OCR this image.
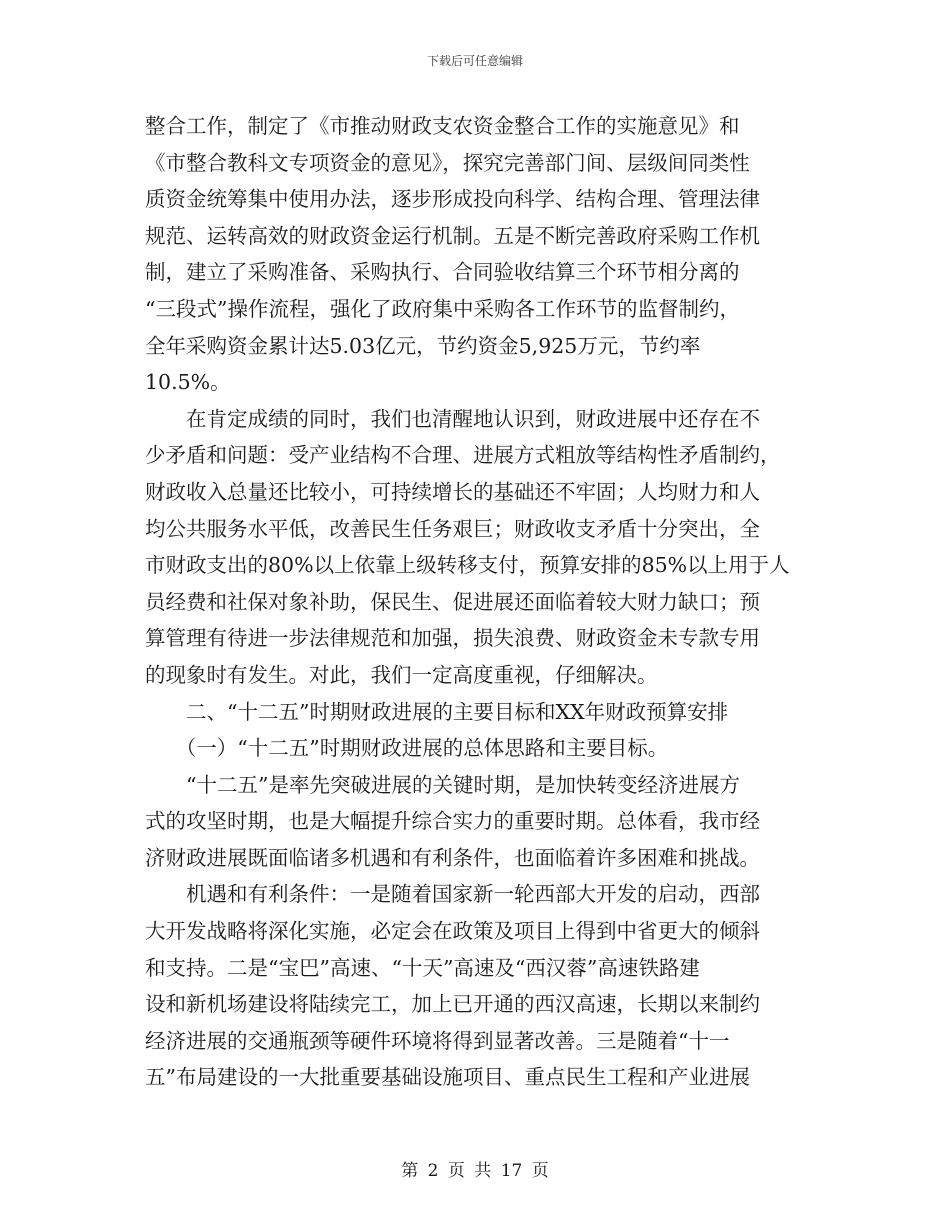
下载后可任意编辑
整合工作，制定了《市推动财政支农资金整合工作的实施意见》和
《市整合教科文专项资金的意见》，探究完善部门间、层级间同类性
质资金统筹集中使用办法，逐步形成投向科学、结构合理、管理法律
规范、运转高效的财政资金运行机制。五是不断完善政府采购工作机
制，建立了采购准备、采购执行、合同验收结算三个环节相分离的
“三段式”操作流程，强化了政府集中采购各工作环节的监督制约，
全年采购资金累计达5.03亿元，节约资金5,925万元，节约率
10.5%。
　　在肯定成绩的同时，我们也清醒地认识到，财政进展中还存在不
少矛盾和问题：受产业结构不合理、进展方式粗放等结构性矛盾制约，
财政收入总量还比较小，可持续增长的基础还不牢固；人均财力和人
均公共服务水平低，改善民生任务艰巨；财政收支矛盾十分突出，全
市财政支出的80%以上依靠上级转移支付，预算安排的85%以上用于人
员经费和社保对象补助，保民生、促进展还面临着较大财力缺口；预
算管理有待进一步法律规范和加强，损失浪费、财政资金未专款专用
的现象时有发生。对此，我们一定高度重视，仔细解决。
　　二、“十二五”时期财政进展的主要目标和XX年财政预算安排
　　（一）“十二五”时期财政进展的总体思路和主要目标。
　　“十二五”是率先突破进展的关键时期，是加快转变经济进展方
式的攻坚时期，也是大幅提升综合实力的重要时期。总体看，我市经
济财政进展既面临诸多机遇和有利条件，也面临着许多困难和挑战。
　　机遇和有利条件：一是随着国家新一轮西部大开发的启动，西部
大开发战略将深化实施，必定会在政策及项目上得到中省更大的倾斜
和支持。二是“宝巴”高速、“十天”高速及“西汉蓉”高速铁路建
设和新机场建设将陆续完工，加上已开通的西汉高速，长期以来制约
经济进展的交通瓶颈等硬件环境将得到显著改善。三是随着“十一
五”布局建设的一大批重要基础设施项目、重点民生工程和产业进展
第 2 页 共 17 页
